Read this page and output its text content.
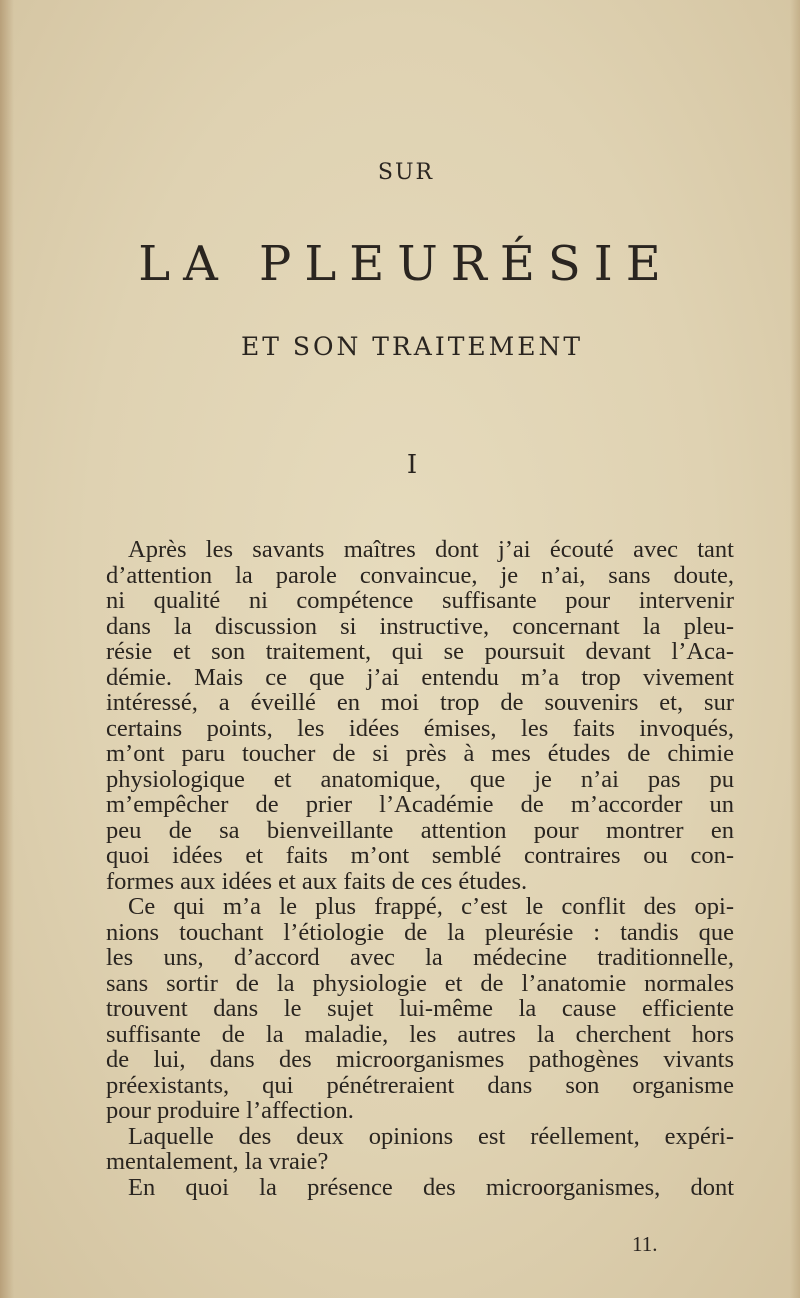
SUR
LA PLEURÉSIE
ET SON TRAITEMENT
I
Après les savants maîtres dont j’ai écouté avec tant
d’attention la parole convaincue, je n’ai, sans doute,
ni qualité ni compétence suffisante pour intervenir
dans la discussion si instructive, concernant la pleu-
résie et son traitement, qui se poursuit devant l’Aca-
démie. Mais ce que j’ai entendu m’a trop vivement
intéressé, a éveillé en moi trop de souvenirs et, sur
certains points, les idées émises, les faits invoqués,
m’ont paru toucher de si près à mes études de chimie
physiologique et anatomique, que je n’ai pas pu
m’empêcher de prier l’Académie de m’accorder un
peu de sa bienveillante attention pour montrer en
quoi idées et faits m’ont semblé contraires ou con-
formes aux idées et aux faits de ces études.
Ce qui m’a le plus frappé, c’est le conflit des opi-
nions touchant l’étiologie de la pleurésie : tandis que
les uns, d’accord avec la médecine traditionnelle,
sans sortir de la physiologie et de l’anatomie normales
trouvent dans le sujet lui-même la cause efficiente
suffisante de la maladie, les autres la cherchent hors
de lui, dans des microorganismes pathogènes vivants
préexistants, qui pénétreraient dans son organisme
pour produire l’affection.
Laquelle des deux opinions est réellement, expéri-
mentalement, la vraie?
En quoi la présence des microorganismes, dont
11.
